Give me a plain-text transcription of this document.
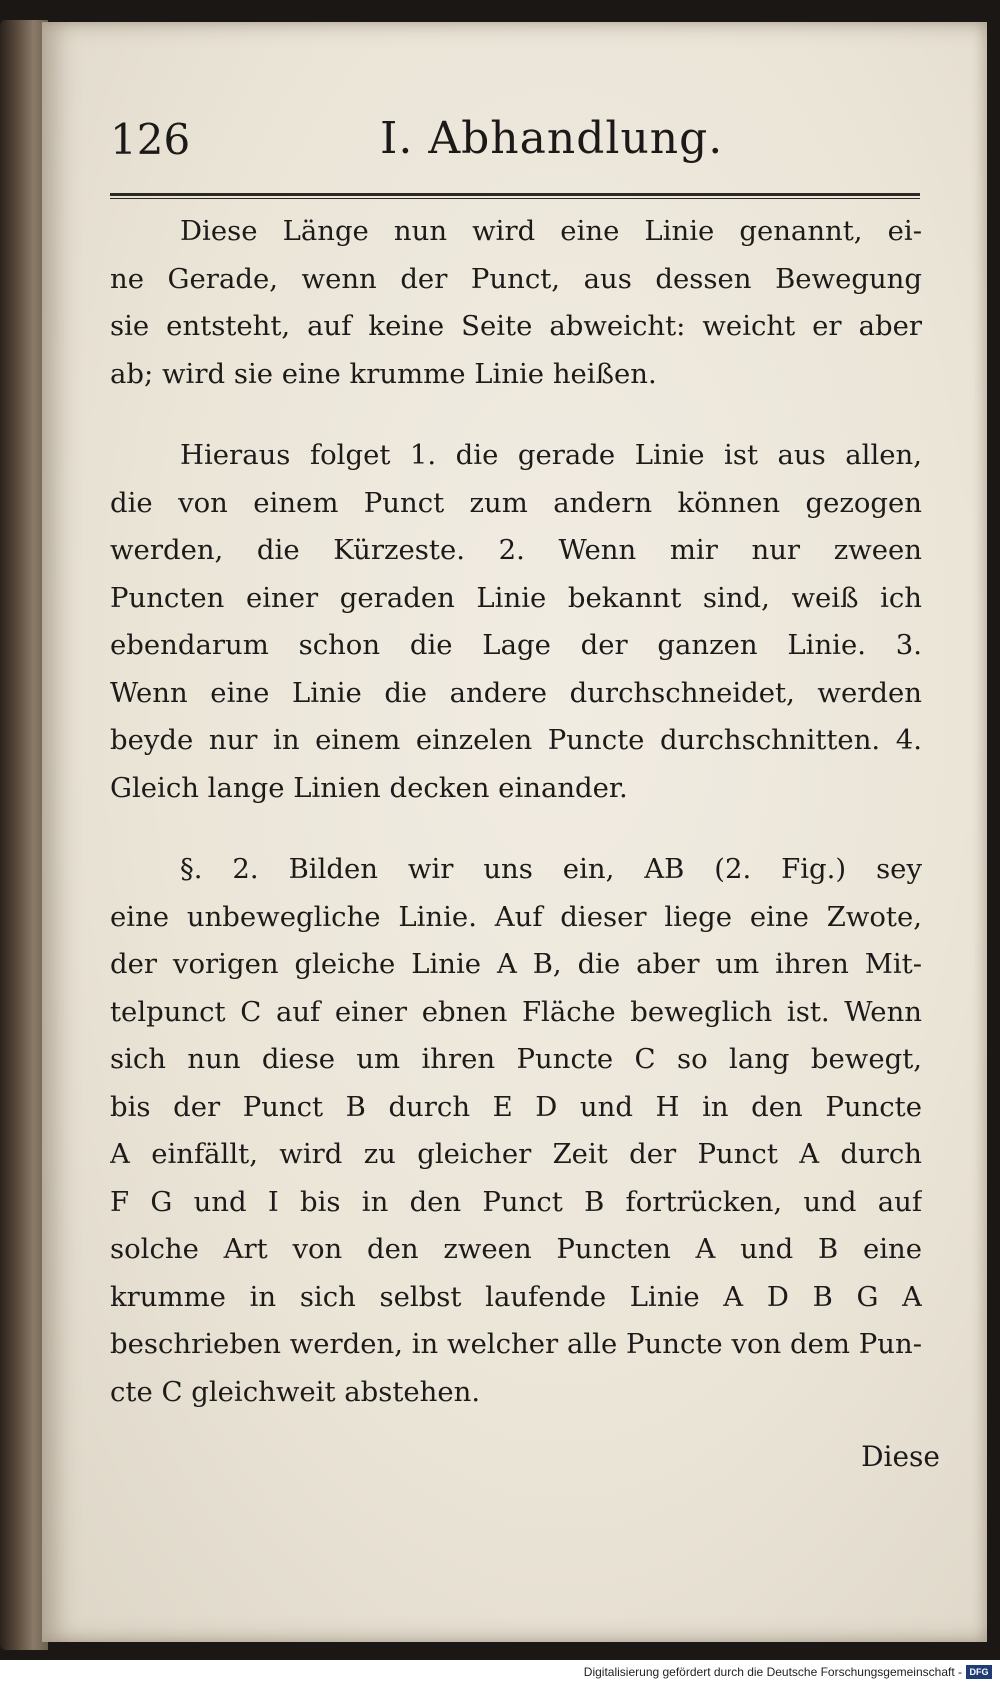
126	I. Abhandlung.
Diese Länge nun wird eine Linie genannt, ei-
ne Gerade, wenn der Punct, aus dessen Bewegung
sie entsteht, auf keine Seite abweicht: weicht er aber
ab; wird sie eine krumme Linie heißen.
Hieraus folget 1. die gerade Linie ist aus allen,
die von einem Punct zum andern können gezogen
werden, die Kürzeste. 2. Wenn mir nur zween
Puncten einer geraden Linie bekannt sind, weiß ich
ebendarum schon die Lage der ganzen Linie. 3.
Wenn eine Linie die andere durchschneidet, werden
beyde nur in einem einzelen Puncte durchschnitten. 4.
Gleich lange Linien decken einander.
§. 2. Bilden wir uns ein, AB (2. Fig.) sey
eine unbewegliche Linie. Auf dieser liege eine Zwote,
der vorigen gleiche Linie A B, die aber um ihren Mit-
telpunct C auf einer ebnen Fläche beweglich ist. Wenn
sich nun diese um ihren Puncte C so lang bewegt,
bis der Punct B durch E D und H in den Puncte
A einfällt, wird zu gleicher Zeit der Punct A durch
F G und I bis in den Punct B fortrücken, und auf
solche Art von den zween Puncten A und B eine
krumme in sich selbst laufende Linie A D B G A
beschrieben werden, in welcher alle Puncte von dem Pun-
cte C gleichweit abstehen.
Diese
Digitalisierung gefördert durch die Deutsche Forschungsgemeinschaft - DFG
